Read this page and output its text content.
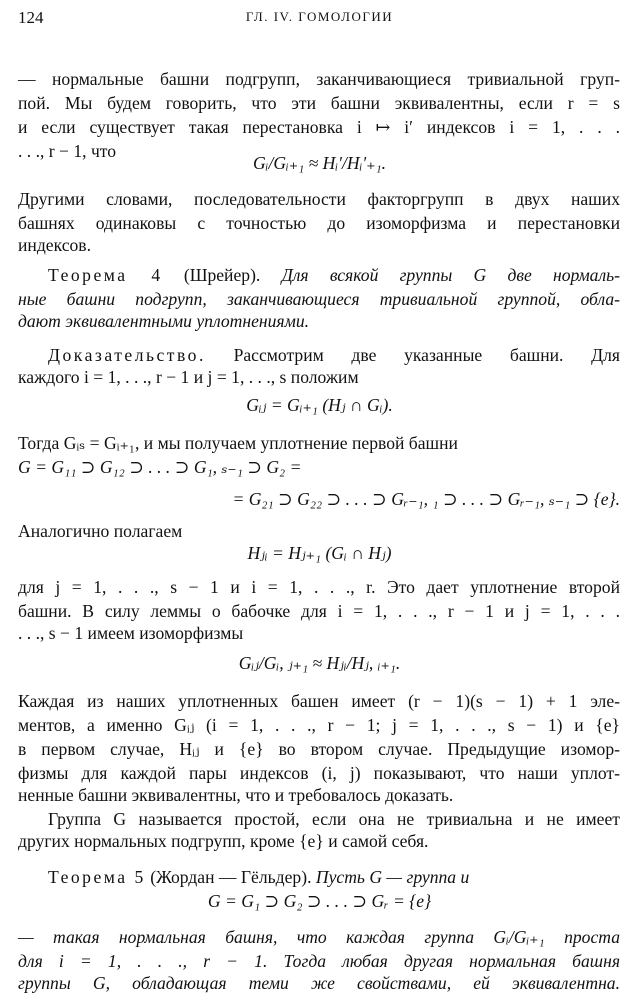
124	ГЛ. IV. ГОМОЛОГИИ
— нормальные башни подгрупп, заканчивающиеся тривиальной груп-
пой. Мы будем говорить, что эти башни эквивалентны, если r = s
и если существует такая перестановка i ↦ i′ индексов i = 1, . . .
. . ., r − 1, что
Gᵢ/Gᵢ₊₁ ≈ Hᵢ′/Hᵢ′₊₁.
Другими словами, последовательности факторгрупп в двух наших
башнях одинаковы с точностью до изоморфизма и перестановки
индексов.
Теорема 4 (Шрейер). Для всякой группы G две нормаль-
ные башни подгрупп, заканчивающиеся тривиальной группой, обла-
дают эквивалентными уплотнениями.
Доказательство. Рассмотрим две указанные башни. Для
каждого i = 1, . . ., r − 1 и j = 1, . . ., s положим
Gᵢⱼ = Gᵢ₊₁ (Hⱼ ∩ Gᵢ).
Тогда Gᵢₛ = Gᵢ₊₁, и мы получаем уплотнение первой башни
G = G₁₁ ⊃ G₁₂ ⊃ . . . ⊃ G₁, ₛ₋₁ ⊃ G₂ =
= G₂₁ ⊃ G₂₂ ⊃ . . . ⊃ Gᵣ₋₁, ₁ ⊃ . . . ⊃ Gᵣ₋₁, ₛ₋₁ ⊃ {e}.
Аналогично полагаем
Hⱼᵢ = Hⱼ₊₁ (Gᵢ ∩ Hⱼ)
для j = 1, . . ., s − 1 и i = 1, . . ., r. Это дает уплотнение второй
башни. В силу леммы о бабочке для i = 1, . . ., r − 1 и j = 1, . . .
. . ., s − 1 имеем изоморфизмы
Gᵢⱼ/Gᵢ, ⱼ₊₁ ≈ Hⱼᵢ/Hⱼ, ᵢ₊₁.
Каждая из наших уплотненных башен имеет (r − 1)(s − 1) + 1 эле-
ментов, а именно Gᵢⱼ (i = 1, . . ., r − 1; j = 1, . . ., s − 1) и {e}
в первом случае, Hᵢⱼ и {e} во втором случае. Предыдущие изомор-
физмы для каждой пары индексов (i, j) показывают, что наши уплот-
ненные башни эквивалентны, что и требовалось доказать.
Группа G называется простой, если она не тривиальна и не имеет
других нормальных подгрупп, кроме {e} и самой себя.
Теорема 5 (Жордан — Гёльдер). Пусть G — группа и
G = G₁ ⊃ G₂ ⊃ . . . ⊃ Gᵣ = {e}
— такая нормальная башня, что каждая группа Gᵢ/Gᵢ₊₁ проста
для i = 1, . . ., r − 1. Тогда любая другая нормальная башня
группы G, обладающая теми же свойствами, ей эквивалентна.
